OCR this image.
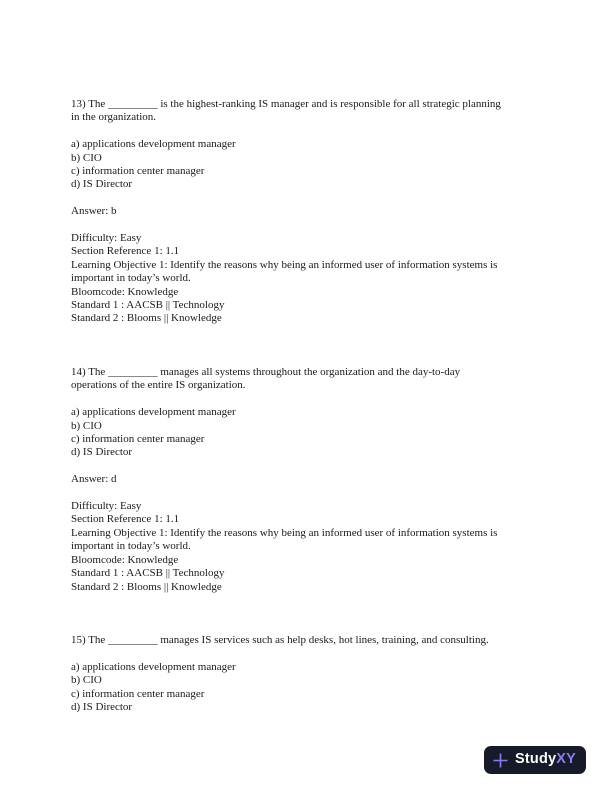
13) The _________ is the highest-ranking IS manager and is responsible for all strategic planning
in the organization.
a) applications development manager
b) CIO
c) information center manager
d) IS Director
Answer: b
Difficulty: Easy
Section Reference 1: 1.1
Learning Objective 1: Identify the reasons why being an informed user of information systems is
important in today’s world.
Bloomcode: Knowledge
Standard 1 : AACSB || Technology
Standard 2 : Blooms || Knowledge
14) The _________ manages all systems throughout the organization and the day-to-day
operations of the entire IS organization.
a) applications development manager
b) CIO
c) information center manager
d) IS Director
Answer: d
Difficulty: Easy
Section Reference 1: 1.1
Learning Objective 1: Identify the reasons why being an informed user of information systems is
important in today’s world.
Bloomcode: Knowledge
Standard 1 : AACSB || Technology
Standard 2 : Blooms || Knowledge
15) The _________ manages IS services such as help desks, hot lines, training, and consulting.
a) applications development manager
b) CIO
c) information center manager
d) IS Director
Study XY
